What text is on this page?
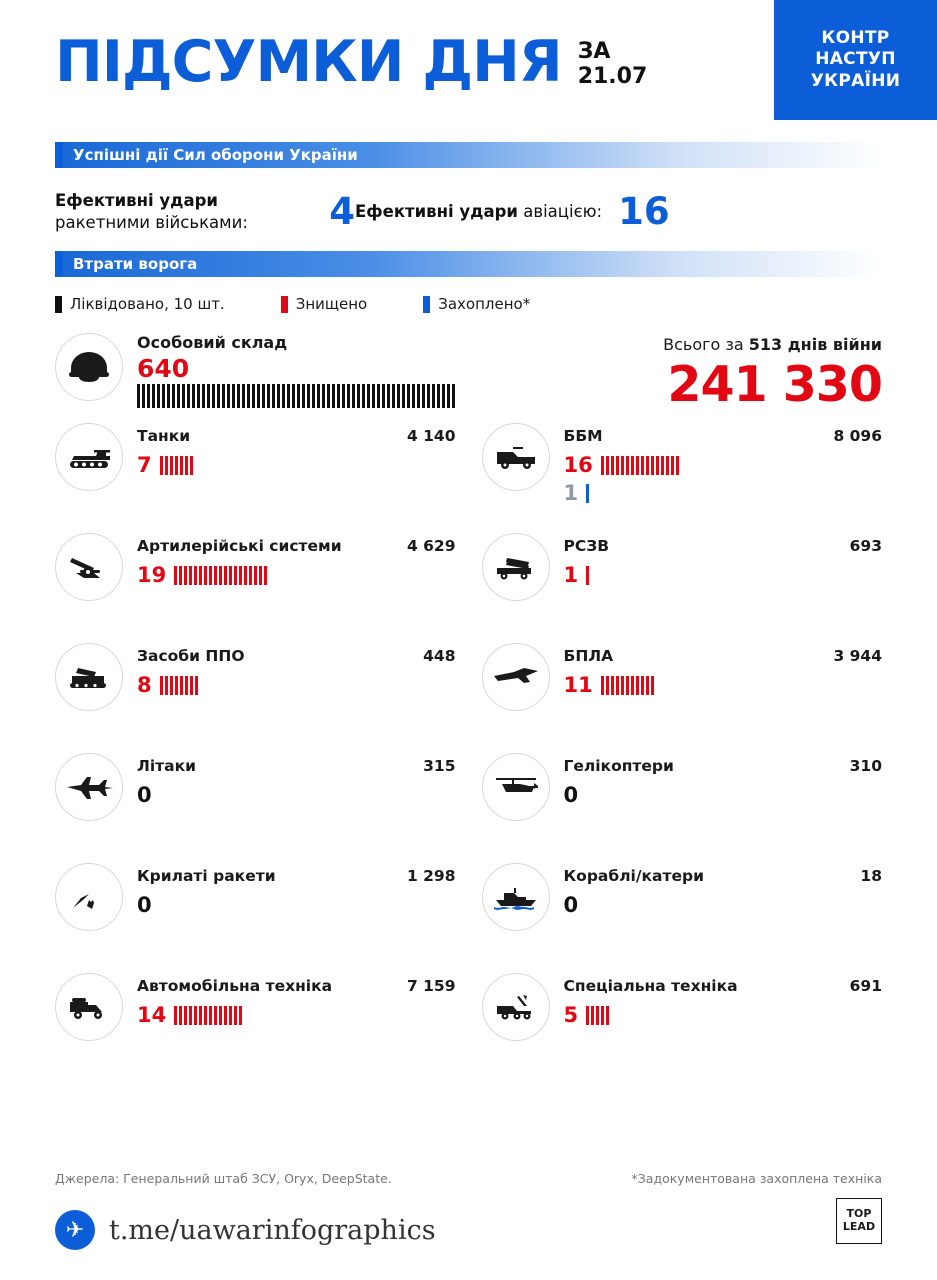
ПІДСУМКИ ДНЯ ЗА
21.07
КОНТР
НАСТУП
УКРАЇНИ
Успішні дії Сил оборони України
Ефективні удари ракетними військами:	4 Ефективні удари авіацією: 16
Втрати ворога
Ліквідовано, 10 шт.	Знищено	Захоплено*
Особовий склад
640
Всього за 513 днів війни
241 330
Танки	4 140
7
ББМ	8 096
16
1
Артилерійські системи	4 629
19
РСЗВ	693
1
Засоби ППО	448
8
БПЛА	3 944
11
Літаки	315
0
Гелікоптери	310
0
Крилаті ракети	1 298
0
Кораблі/катери	18
0
Автомобільна техніка	7 159
14
Спеціальна техніка	691
5
Джерела: Генеральний штаб ЗСУ, Oryx, DeepState.	*Задокументована захоплена техніка
✈ t.me/uawarinfographics
TOP
LEAD
